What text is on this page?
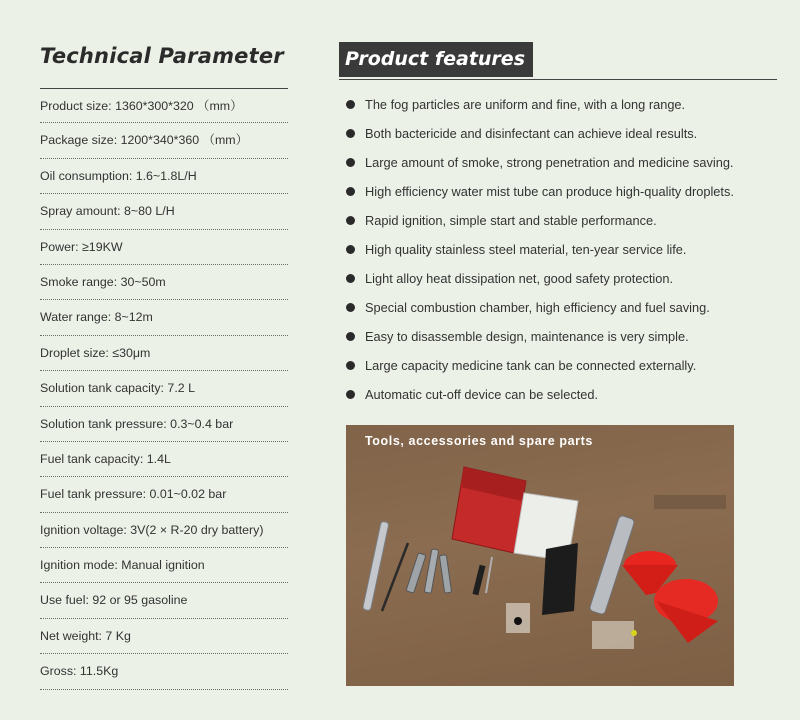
Technical Parameter
Product size: 1360*300*320 （mm）
Package size: 1200*340*360 （mm）
Oil consumption: 1.6~1.8L/H
Spray amount: 8~80 L/H
Power: ≥19KW
Smoke range: 30~50m
Water range: 8~12m
Droplet size: ≤30μm
Solution tank capacity: 7.2 L
Solution tank pressure: 0.3~0.4 bar
Fuel tank capacity: 1.4L
Fuel tank pressure: 0.01~0.02 bar
Ignition voltage: 3V(2 × R-20 dry battery)
Ignition mode: Manual ignition
Use fuel: 92 or 95 gasoline
Net weight: 7 Kg
Gross: 11.5Kg
Product features
The fog particles are uniform and fine, with a long range.
Both bactericide and disinfectant can achieve ideal results.
Large amount of smoke, strong penetration and medicine saving.
High efficiency water mist tube can produce high-quality droplets.
Rapid ignition, simple start and stable performance.
High quality stainless steel material, ten-year service life.
Light alloy heat dissipation net, good safety protection.
Special combustion chamber, high efficiency and fuel saving.
Easy to disassemble design, maintenance is very simple.
Large capacity medicine tank can be connected externally.
Automatic cut-off device can be selected.
Tools, accessories and spare parts
